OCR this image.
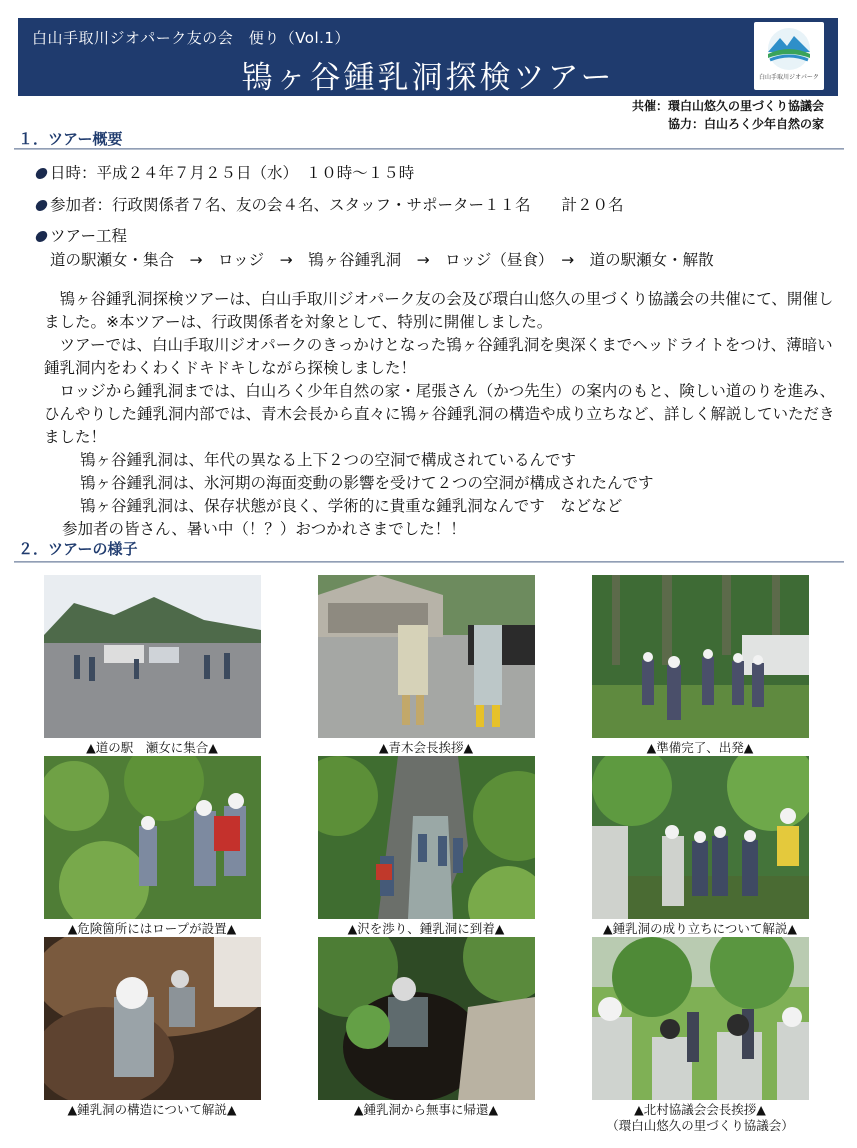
白山手取川ジオパーク友の会　便り（Vol.1）
鴇ヶ谷鍾乳洞探検ツアー	白山手取川ジオパーク
共催：環白山悠久の里づくり協議会
協力：白山ろく少年自然の家
１．ツアー概要
日時：平成２４年７月２５日（水）　１０時～１５時
参加者：行政関係者７名、友の会４名、スタッフ・サポーター１１名　　計２０名
ツアー工程
道の駅瀬女・集合　→　ロッジ　→　鴇ヶ谷鍾乳洞　→　ロッジ（昼食）　→　道の駅瀬女・解散
　鴇ヶ谷鍾乳洞探検ツアーは、白山手取川ジオパーク友の会及び環白山悠久の里づくり協議会の共催にて、開催しました。※本ツアーは、行政関係者を対象として、特別に開催しました。
　ツアーでは、白山手取川ジオパークのきっかけとなった鴇ヶ谷鍾乳洞を奥深くまでヘッドライトをつけ、薄暗い鍾乳洞内をわくわくドキドキしながら探検しました！
　ロッジから鍾乳洞までは、白山ろく少年自然の家・尾張さん（かつ先生）の案内のもと、険しい道のりを進み、ひんやりした鍾乳洞内部では、青木会長から直々に鴇ヶ谷鍾乳洞の構造や成り立ちなど、詳しく解説していただきました！
鴇ヶ谷鍾乳洞は、年代の異なる上下２つの空洞で構成されているんです
鴇ヶ谷鍾乳洞は、氷河期の海面変動の影響を受けて２つの空洞が構成されたんです
鴇ヶ谷鍾乳洞は、保存状態が良く、学術的に貴重な鍾乳洞なんです　などなど
参加者の皆さん、暑い中（！？）おつかれさまでした！！
２．ツアーの様子
▲道の駅　瀬女に集合▲	▲青木会長挨拶▲	▲準備完了、出発▲
▲危険箇所にはロープが設置▲	▲沢を渉り、鍾乳洞に到着▲	▲鍾乳洞の成り立ちについて解説▲
▲鍾乳洞の構造について解説▲	▲鍾乳洞から無事に帰還▲	▲北村協議会会長挨拶▲
（環白山悠久の里づくり協議会）
